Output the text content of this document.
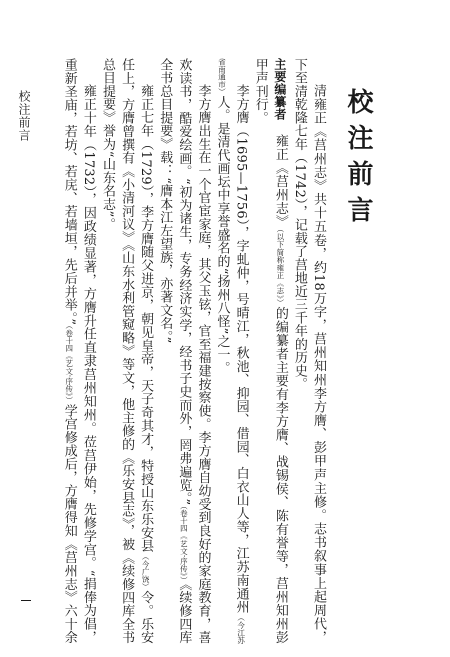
校注前言

清雍正《莒州志》共十五卷，约18万字，莒州知州李方膺、彭甲声主修。志书叙事上起周代，下至清乾隆七年（1742），记载了莒地近三千年的历史。
主要编纂者　雍正《莒州志》（以下简称雍正《志》）的编纂者主要有李方膺、战锡侯、陈有誉等，莒州知州彭甲声刊行。

李方膺（1695—1756），字虬仲，号晴江，秋池、抑园、借园、白衣山人等，江苏南通州（今江苏省南通市）人。是清代画坛中享誉盛名的“扬州八怪”之一。

李方膺出生在一个官宦家庭，其父玉铉，官至福建按察使。李方膺自幼受到良好的家庭教育，喜欢读书，酷爱绘画。“初为诸生，专务经济实学，经书子史而外，罔弗遍览。”（卷十四《艺文·序传》）《续修四库全书总目提要》载：“膺本江左望族，亦著文名。”

雍正七年（1729），李方膺随父进京，朝见皇帝，天子奇其才，特授山东乐安县（今广饶）令。乐安任上，方膺曾撰有《小清河议》《山东水利管窥略》等文，他主修的《乐安县志》，被《续修四库全书总目提要》誉为“山东名志”。

雍正十年（1732），因政绩显著，方膺升任直隶莒州知州。莅莒伊始，先修学宫。“捐俸为倡，重新圣庙，若坊、若庑、若墙垣，先后并举。”（卷十四《艺文·序传》）学宫修成后，方膺得知《莒州志》六十余

校注前言
